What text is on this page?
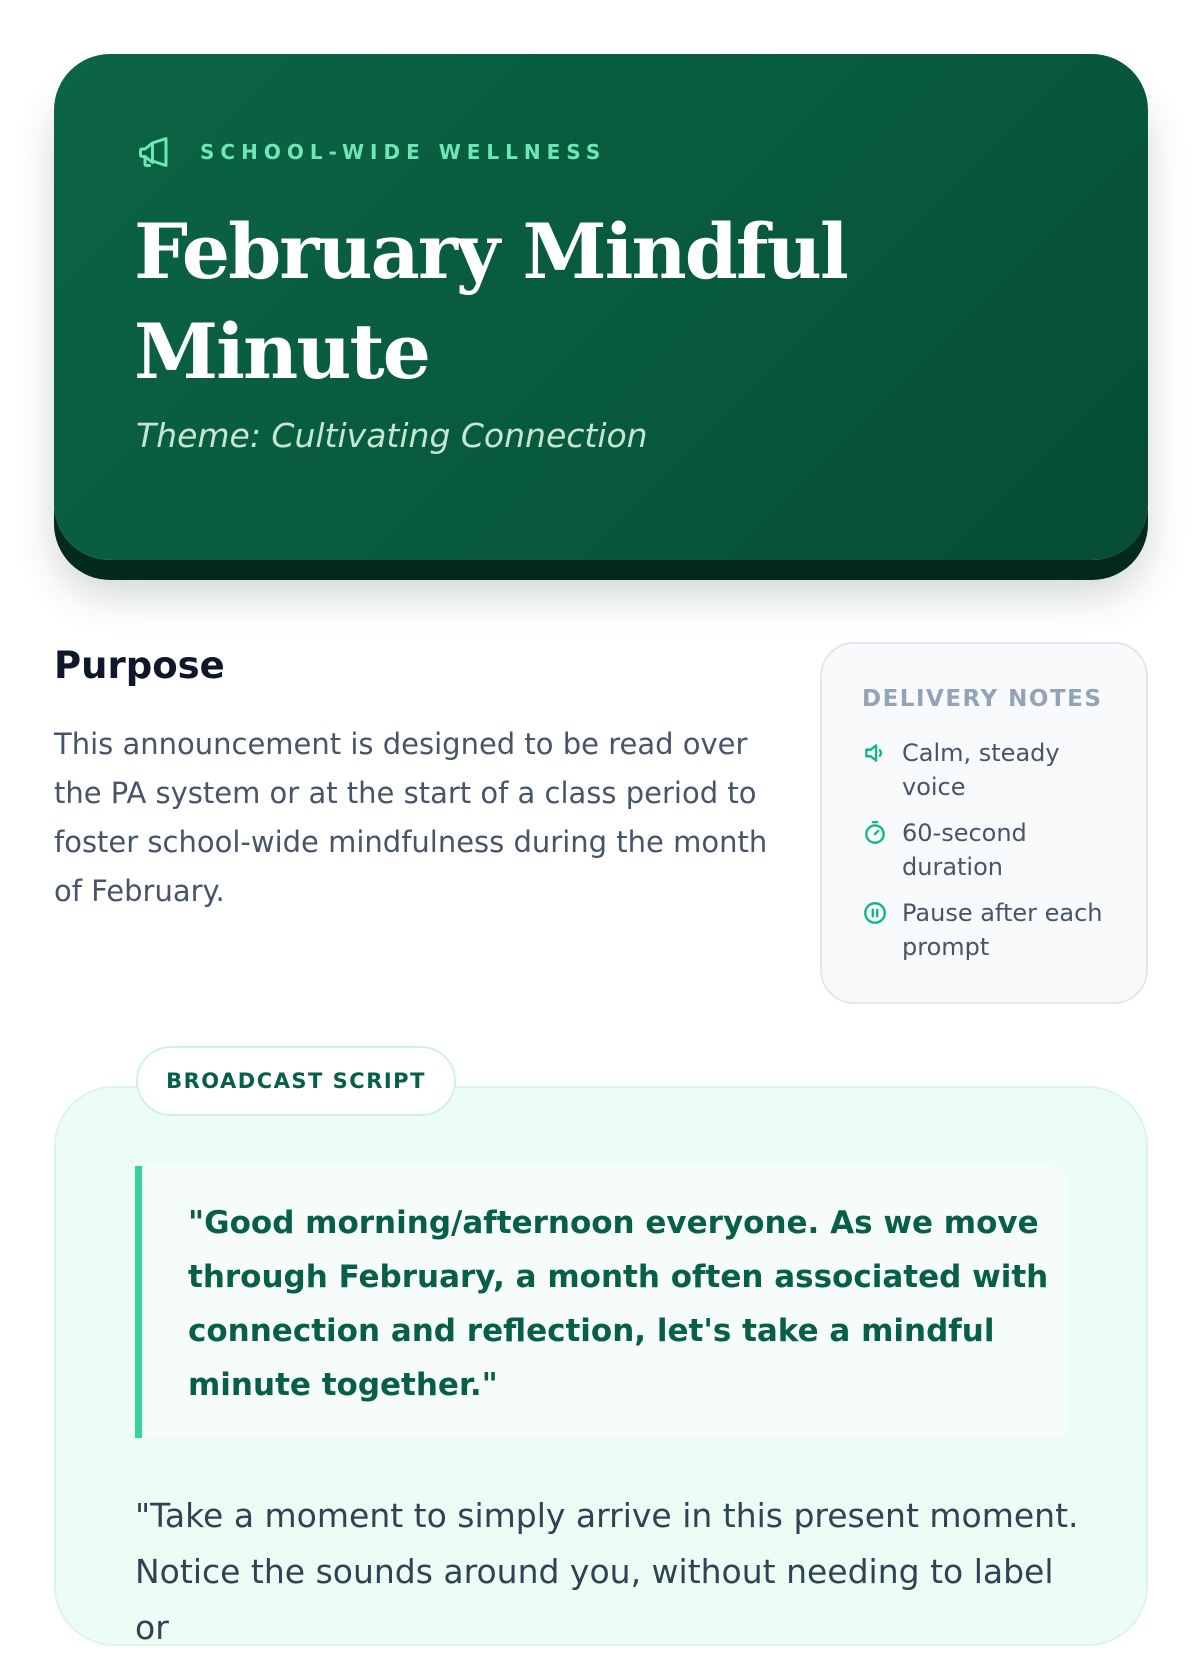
SCHOOL-WIDE WELLNESS
February Mindful Minute
Theme: Cultivating Connection
Purpose

This announcement is designed to be read over the PA system or at the start of a class period to foster school-wide mindfulness during the month of February.

DELIVERY NOTES
Calm, steady voice
60-second duration
Pause after each prompt
BROADCAST SCRIPT

"Good morning/afternoon everyone. As we move through February, a month often associated with connection and reflection, let's take a mindful minute together."

"Take a moment to simply arrive in this present moment. Notice the sounds around you, without needing to label or
